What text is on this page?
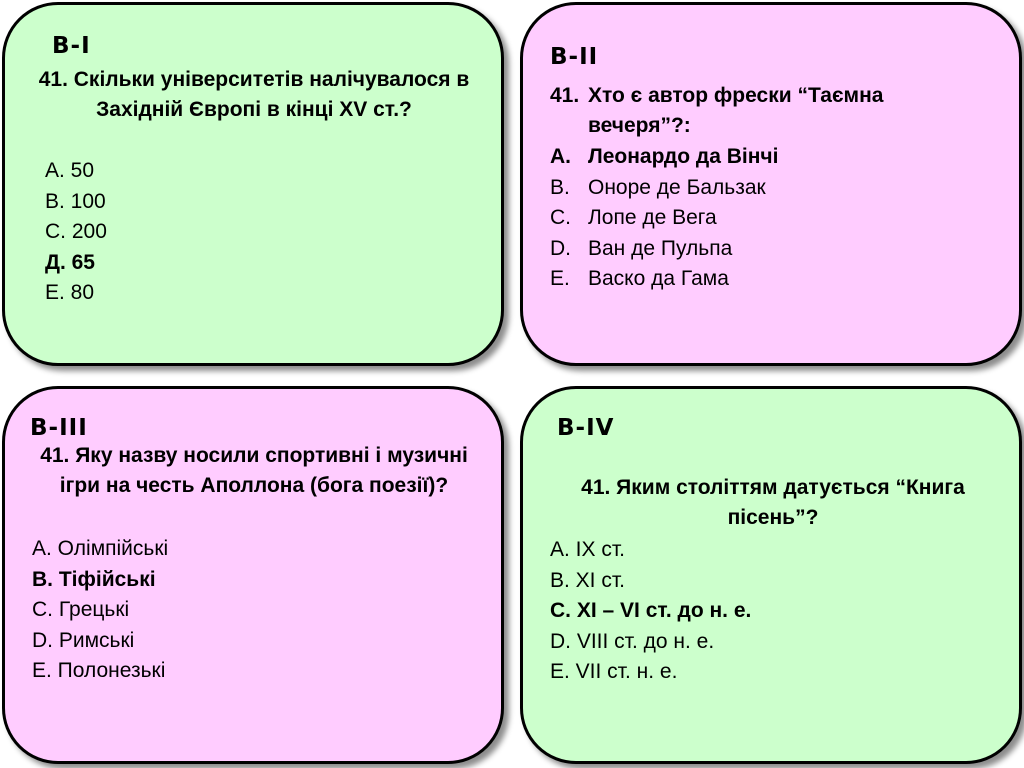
В-І
41. Скільки університетів налічувалося в Західній Європі в кінці XV ст.?
А. 50
В. 100
С. 200
Д. 65
Е. 80
В-ІІ
41. Хто є автор фрески “Таємна вечеря”?:
A. Леонардо да Вінчі
B. Оноре де Бальзак
C. Лопе де Вега
D. Ван де Пульпа
E. Васко да Гама
В-ІІІ
41. Яку назву носили спортивні і музичні ігри на честь Аполлона (бога поезії)?
A. Олімпійські
B. Тіфійські
C. Грецькі
D. Римські
E. Полонезькі
В-ІV
41. Яким століттям датується “Книга пісень”?
A. ІХ ст.
B. ХІ ст.
C. ХІ – VІ ст. до н. е.
D. VІІІ ст. до н. е.
E. VІІ ст. н. е.
